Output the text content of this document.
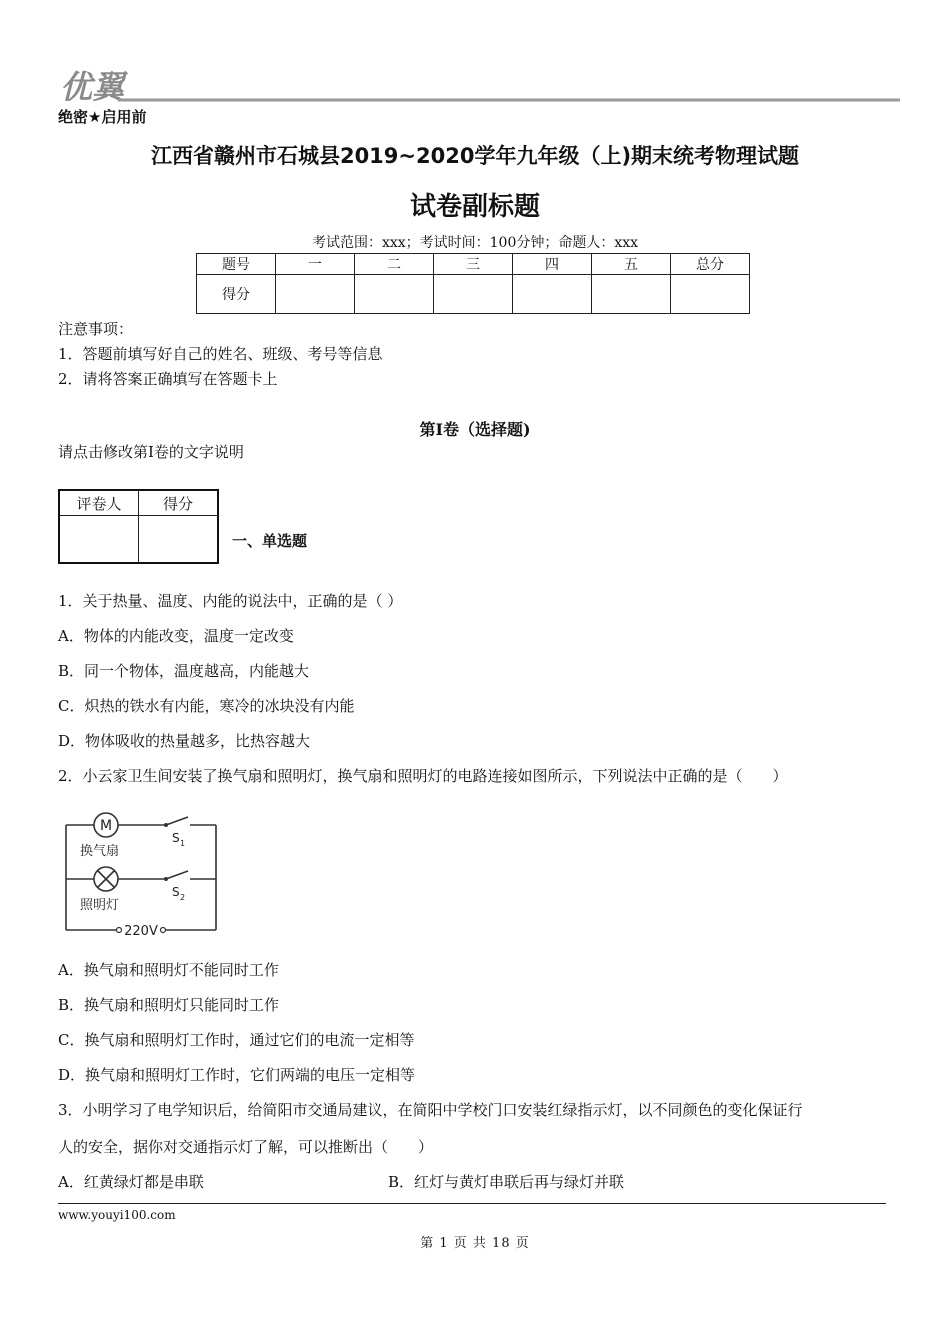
优翼
绝密★启用前
江西省赣州市石城县2019~2020学年九年级（上)期末统考物理试题
试卷副标题
考试范围：xxx；考试时间：100分钟；命题人：xxx
题号	一	二	三	四	五	总分
得分						
注意事项：
1．答题前填写好自己的姓名、班级、考号等信息
2．请将答案正确填写在答题卡上
第I卷（选择题)
请点击修改第I卷的文字说明
评卷人	得分

一、单选题
1．关于热量、温度、内能的说法中，正确的是（ ）
A．物体的内能改变，温度一定改变
B．同一个物体，温度越高，内能越大
C．炽热的铁水有内能，寒冷的冰块没有内能
D．物体吸收的热量越多，比热容越大
2．小云家卫生间安装了换气扇和照明灯，换气扇和照明灯的电路连接如图所示，下列说法中正确的是（　　）
M
换气扇
照明灯
S 1
S 2
220V
A．换气扇和照明灯不能同时工作
B．换气扇和照明灯只能同时工作
C．换气扇和照明灯工作时，通过它们的电流一定相等
D．换气扇和照明灯工作时，它们两端的电压一定相等
3．小明学习了电学知识后，给简阳市交通局建议，在简阳中学校门口安装红绿指示灯，以不同颜色的变化保证行
人的安全，据你对交通指示灯了解，可以推断出（　　）
A．红黄绿灯都是串联	B．红灯与黄灯串联后再与绿灯并联
www.youyi100.com
第 1 页 共 18 页
